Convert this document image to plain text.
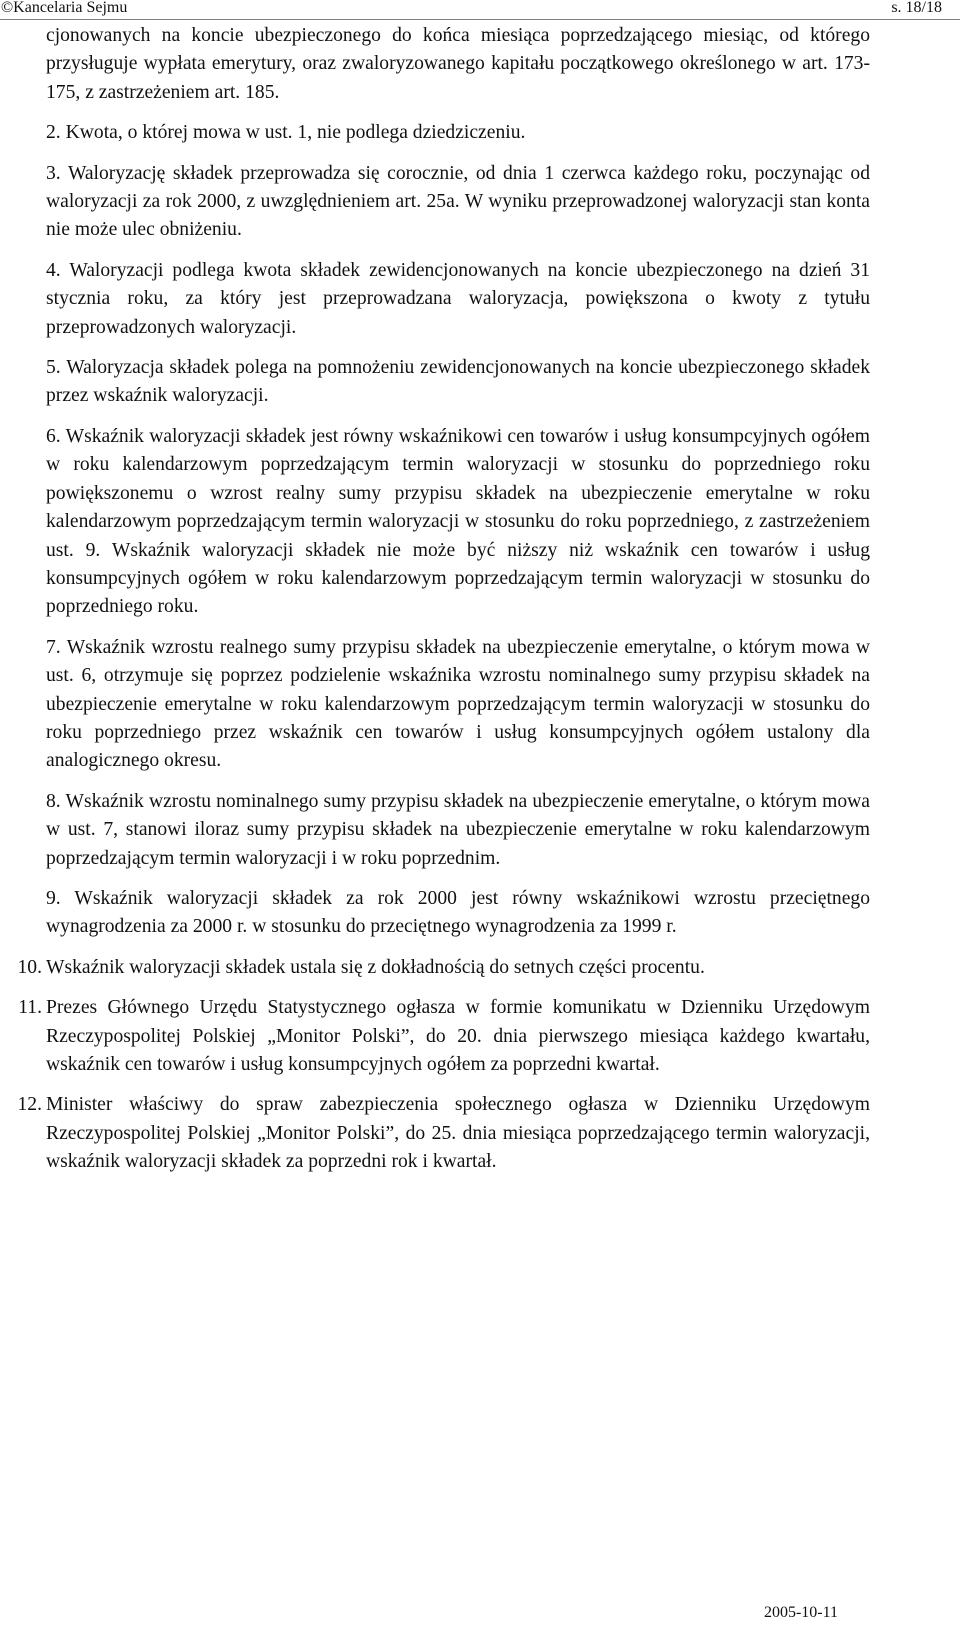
©Kancelaria Sejmu	s. 18/18

cjonowanych na koncie ubezpieczonego do końca miesiąca poprzedzającego miesiąc, od którego przysługuje wypłata emerytury, oraz zwaloryzowanego kapitału początkowego określonego w art. 173-175, z zastrzeżeniem art. 185.

2. Kwota, o której mowa w ust. 1, nie podlega dziedziczeniu.
3. Waloryzację składek przeprowadza się corocznie, od dnia 1 czerwca każdego roku, poczynając od waloryzacji za rok 2000, z uwzględnieniem art. 25a. W wyniku przeprowadzonej waloryzacji stan konta nie może ulec obniżeniu.
4. Waloryzacji podlega kwota składek zewidencjonowanych na koncie ubezpieczonego na dzień 31 stycznia roku, za który jest przeprowadzana waloryzacja, powiększona o kwoty z tytułu przeprowadzonych waloryzacji.
5. Waloryzacja składek polega na pomnożeniu zewidencjonowanych na koncie ubezpieczonego składek przez wskaźnik waloryzacji.
6. Wskaźnik waloryzacji składek jest równy wskaźnikowi cen towarów i usług konsumpcyjnych ogółem w roku kalendarzowym poprzedzającym termin waloryzacji w stosunku do poprzedniego roku powiększonemu o wzrost realny sumy przypisu składek na ubezpieczenie emerytalne w roku kalendarzowym poprzedzającym termin waloryzacji w stosunku do roku poprzedniego, z zastrzeżeniem ust. 9. Wskaźnik waloryzacji składek nie może być niższy niż wskaźnik cen towarów i usług konsumpcyjnych ogółem w roku kalendarzowym poprzedzającym termin waloryzacji w stosunku do poprzedniego roku.
7. Wskaźnik wzrostu realnego sumy przypisu składek na ubezpieczenie emerytalne, o którym mowa w ust. 6, otrzymuje się poprzez podzielenie wskaźnika wzrostu nominalnego sumy przypisu składek na ubezpieczenie emerytalne w roku kalendarzowym poprzedzającym termin waloryzacji w stosunku do roku poprzedniego przez wskaźnik cen towarów i usług konsumpcyjnych ogółem ustalony dla analogicznego okresu.
8. Wskaźnik wzrostu nominalnego sumy przypisu składek na ubezpieczenie emerytalne, o którym mowa w ust. 7, stanowi iloraz sumy przypisu składek na ubezpieczenie emerytalne w roku kalendarzowym poprzedzającym termin waloryzacji i w roku poprzednim.
9. Wskaźnik waloryzacji składek za rok 2000 jest równy wskaźnikowi wzrostu przeciętnego wynagrodzenia za 2000 r. w stosunku do przeciętnego wynagrodzenia za 1999 r.
10. Wskaźnik waloryzacji składek ustala się z dokładnością do setnych części procentu.
11. Prezes Głównego Urzędu Statystycznego ogłasza w formie komunikatu w Dzienniku Urzędowym Rzeczypospolitej Polskiej „Monitor Polski”, do 20. dnia pierwszego miesiąca każdego kwartału, wskaźnik cen towarów i usług konsumpcyjnych ogółem za poprzedni kwartał.
12. Minister właściwy do spraw zabezpieczenia społecznego ogłasza w Dzienniku Urzędowym Rzeczypospolitej Polskiej „Monitor Polski”, do 25. dnia miesiąca poprzedzającego termin waloryzacji, wskaźnik waloryzacji składek za poprzedni rok i kwartał.
2005-10-11
